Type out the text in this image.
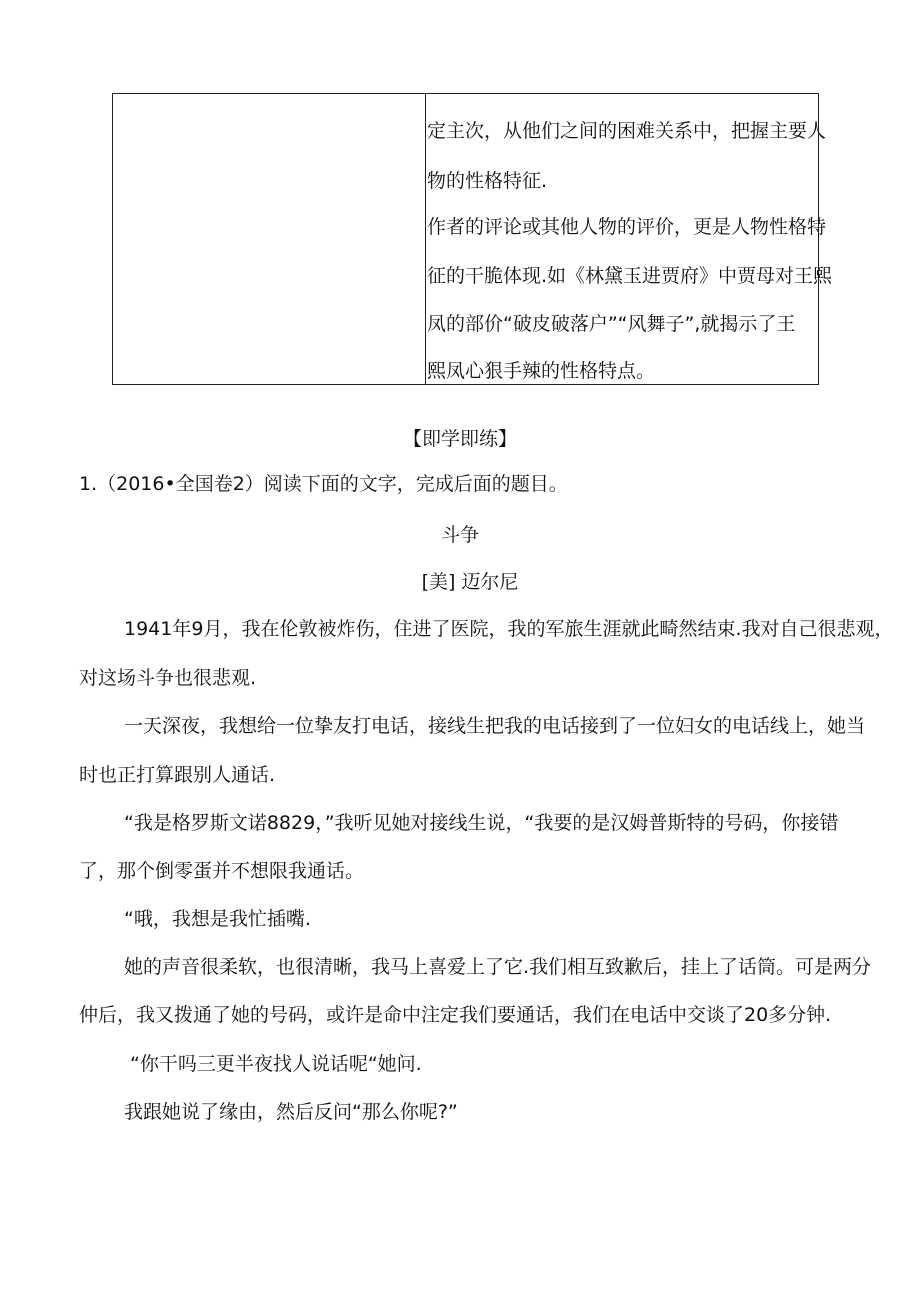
定主次，从他们之间的困难关系中，把握主要人
物的性格特征.
作者的评论或其他人物的评价，更是人物性格特
征的干脆体现.如《林黛玉进贾府》中贾母对王熙
凤的部价“破皮破落户”“风舞子”,就揭示了王
熙凤心狠手辣的性格特点。
【即学即练】
1.（2016•全国卷2）阅读下面的文字，完成后面的题目。
斗争
[美] 迈尔尼
1941年9月，我在伦敦被炸伤，住进了医院，我的军旅生涯就此畸然结束.我对自己很悲观，
对这场斗争也很悲观.
一天深夜，我想给一位挚友打电话，接线生把我的电话接到了一位妇女的电话线上，她当
时也正打算跟别人通话.
“我是格罗斯文诺8829，”我听见她对接线生说，“我要的是汉姆普斯特的号码，你接错
了，那个倒零蛋并不想限我通话。
“哦，我想是我忙插嘴.
她的声音很柔软，也很清晰，我马上喜爱上了它.我们相互致歉后，挂上了话筒。可是两分
仲后，我又拨通了她的号码，或许是命中注定我们要通话，我们在电话中交谈了20多分钟.
“你干吗三更半夜找人说话呢“她问.
我跟她说了缘由，然后反问“那么你呢?”
